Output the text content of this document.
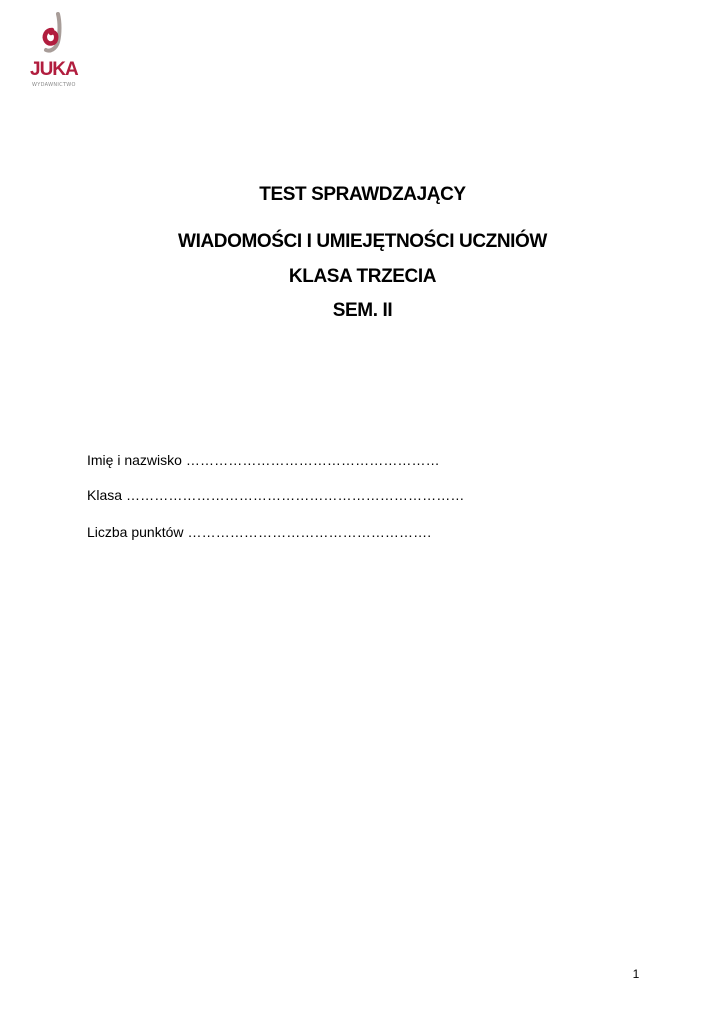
JUKA
WYDAWNICTWO
TEST SPRAWDZAJĄCY
WIADOMOŚCI I UMIEJĘTNOŚCI UCZNIÓW
KLASA TRZECIA
SEM. II
Imię i nazwisko ………………………………………………
Klasa ………………………………………………………………
Liczba punktów …………………………………………….
1
